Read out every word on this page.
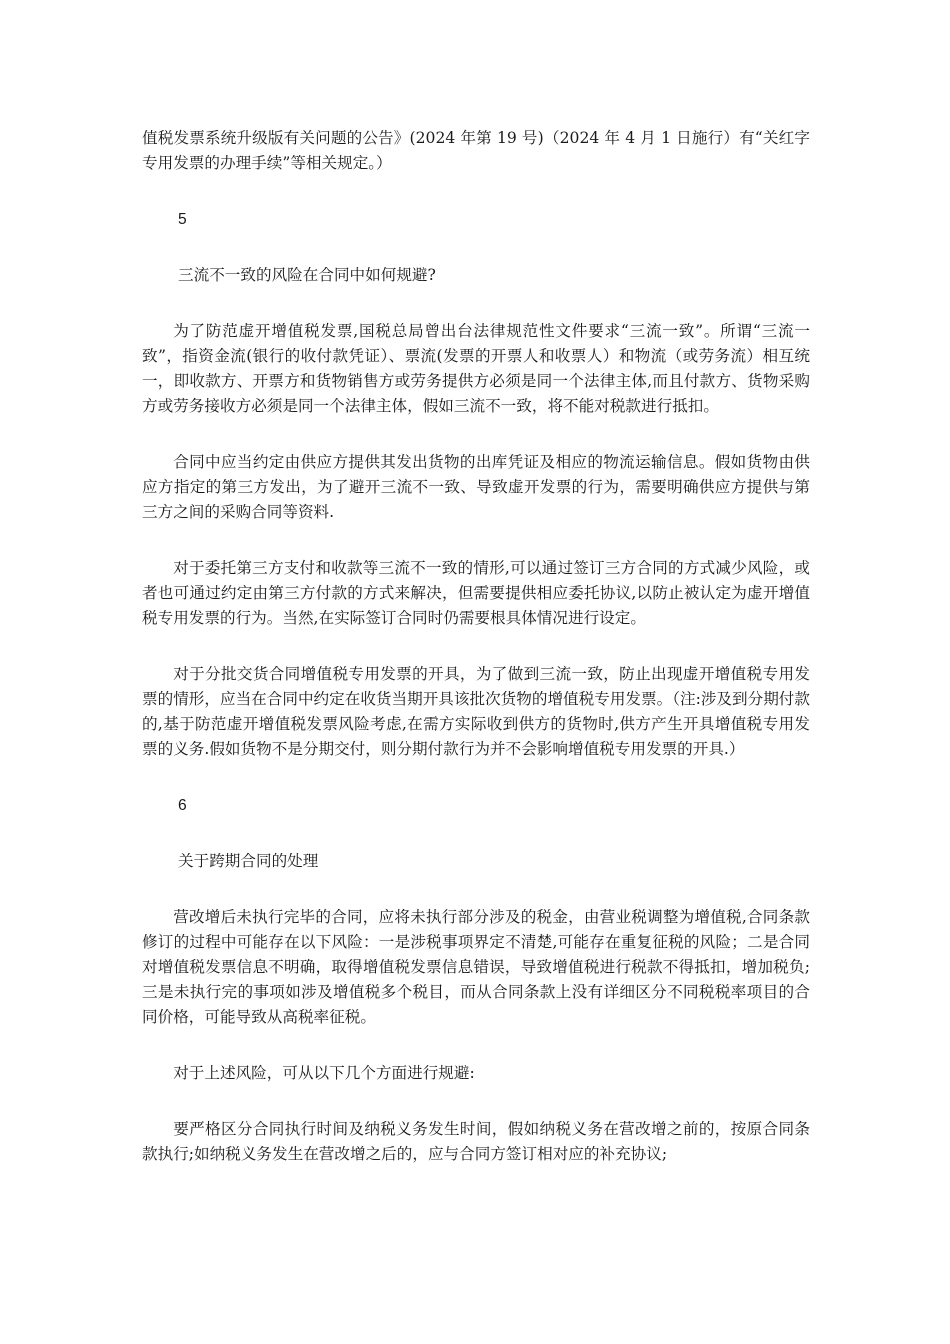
值税发票系统升级版有关问题的公告》(2024 年第 19 号)（2024 年 4 月 1 日施行）有“关红字专用发票的办理手续”等相关规定。）

5

三流不一致的风险在合同中如何规避?

为了防范虚开增值税发票,国税总局曾出台法律规范性文件要求“三流一致”。所谓“三流一致”，指资金流(银行的收付款凭证）、票流(发票的开票人和收票人）和物流（或劳务流）相互统一，即收款方、开票方和货物销售方或劳务提供方必须是同一个法律主体,而且付款方、货物采购方或劳务接收方必须是同一个法律主体，假如三流不一致，将不能对税款进行抵扣。

合同中应当约定由供应方提供其发出货物的出库凭证及相应的物流运输信息。假如货物由供应方指定的第三方发出，为了避开三流不一致、导致虚开发票的行为，需要明确供应方提供与第三方之间的采购合同等资料.

对于委托第三方支付和收款等三流不一致的情形,可以通过签订三方合同的方式减少风险，或者也可通过约定由第三方付款的方式来解决，但需要提供相应委托协议,以防止被认定为虚开增值税专用发票的行为。当然,在实际签订合同时仍需要根具体情况进行设定。

对于分批交货合同增值税专用发票的开具，为了做到三流一致，防止出现虚开增值税专用发票的情形，应当在合同中约定在收货当期开具该批次货物的增值税专用发票。（注:涉及到分期付款的,基于防范虚开增值税发票风险考虑,在需方实际收到供方的货物时,供方产生开具增值税专用发票的义务.假如货物不是分期交付，则分期付款行为并不会影响增值税专用发票的开具.）

6

关于跨期合同的处理

营改增后未执行完毕的合同，应将未执行部分涉及的税金，由营业税调整为增值税,合同条款修订的过程中可能存在以下风险：一是涉税事项界定不清楚,可能存在重复征税的风险；二是合同对增值税发票信息不明确，取得增值税发票信息错误，导致增值税进行税款不得抵扣，增加税负;三是未执行完的事项如涉及增值税多个税目，而从合同条款上没有详细区分不同税税率项目的合同价格，可能导致从高税率征税。

对于上述风险，可从以下几个方面进行规避:

要严格区分合同执行时间及纳税义务发生时间，假如纳税义务在营改增之前的，按原合同条款执行;如纳税义务发生在营改增之后的，应与合同方签订相对应的补充协议;
